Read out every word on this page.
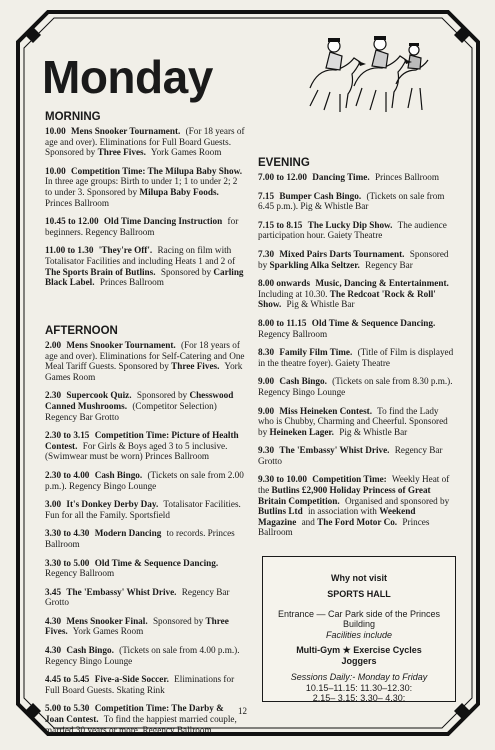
Monday
MORNING
10.00 Mens Snooker Tournament. (For 18 years of age and over). Eliminations for Full Board Guests. Sponsored by Three Fives. York Games Room
10.00 Competition Time: The Milupa Baby Show. In three age groups: Birth to under 1; 1 to under 2; 2 to under 3. Sponsored by Milupa Baby Foods. Princes Ballroom
10.45 to 12.00 Old Time Dancing Instruction for beginners. Regency Ballroom
11.00 to 1.30 'They're Off'. Racing on film with Totalisator Facilities and including Heats 1 and 2 of The Sports Brain of Butlins. Sponsored by Carling Black Label. Princes Ballroom
AFTERNOON
2.00 Mens Snooker Tournament. (For 18 years of age and over). Eliminations for Self-Catering and One Meal Tariff Guests. Sponsored by Three Fives. York Games Room
2.30 Supercook Quiz. Sponsored by Chesswood Canned Mushrooms. (Competitor Selection) Regency Bar Grotto
2.30 to 3.15 Competition Time: Picture of Health Contest. For Girls & Boys aged 3 to 5 inclusive. (Swimwear must be worn) Princes Ballroom
2.30 to 4.00 Cash Bingo. (Tickets on sale from 2.00 p.m.). Regency Bingo Lounge
3.00 It's Donkey Derby Day. Totalisator Facilities. Fun for all the Family. Sportsfield
3.30 to 4.30 Modern Dancing to records. Princes Ballroom
3.30 to 5.00 Old Time & Sequence Dancing. Regency Ballroom
3.45 The 'Embassy' Whist Drive. Regency Bar Grotto
4.30 Mens Snooker Final. Sponsored by Three Fives. York Games Room
4.30 Cash Bingo. (Tickets on sale from 4.00 p.m.). Regency Bingo Lounge
4.45 to 5.45 Five-a-Side Soccer. Eliminations for Full Board Guests. Skating Rink
5.00 to 5.30 Competition Time: The Darby & Joan Contest. To find the happiest married couple, married 30 years or more. Regency Ballroom
EVENING
7.00 to 12.00 Dancing Time. Princes Ballroom
7.15 Bumper Cash Bingo. (Tickets on sale from 6.45 p.m.). Pig & Whistle Bar
7.15 to 8.15 The Lucky Dip Show. The audience participation hour. Gaiety Theatre
7.30 Mixed Pairs Darts Tournament. Sponsored by Sparkling Alka Seltzer. Regency Bar
8.00 onwards Music, Dancing & Entertainment. Including at 10.30. The Redcoat 'Rock & Roll' Show. Pig & Whistle Bar
8.00 to 11.15 Old Time & Sequence Dancing. Regency Ballroom
8.30 Family Film Time. (Title of Film is displayed in the theatre foyer). Gaiety Theatre
9.00 Cash Bingo. (Tickets on sale from 8.30 p.m.). Regency Bingo Lounge
9.00 Miss Heineken Contest. To find the Lady who is Chubby, Charming and Cheerful. Sponsored by Heineken Lager. Pig & Whistle Bar
9.30 The 'Embassy' Whist Drive. Regency Bar Grotto
9.30 to 10.00 Competition Time: Weekly Heat of the Butlins £2,900 Holiday Princess of Great Britain Competition. Organised and sponsored by Butlins Ltd in association with Weekend Magazine and The Ford Motor Co. Princes Ballroom
Why not visit
SPORTS HALL
Entrance — Car Park side of the Princes Building
Facilities include
Multi-Gym ★ Exercise Cycles
Joggers
Sessions Daily:- Monday to Friday
10.15–11.15: 11.30–12.30:
2.15– 3.15: 3.30– 4.30:
12
